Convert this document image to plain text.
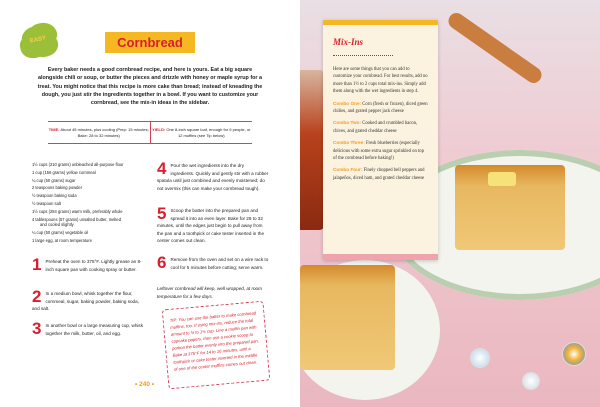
EASY	Cornbread
Every baker needs a good cornbread recipe, and here is yours. Eat a big square alongside chili or soup, or butter the pieces and drizzle with honey or maple syrup for a treat. You might notice that this recipe is more cake than bread; instead of kneading the dough, you just stir the ingredients together in a bowl. If you want to customize your cornbread, see the mix-in ideas in the sidebar.
TIME: About 45 minutes, plus cooling (Prep: 15 minutes; Bake: 28 to 32 minutes)
YIELD: One 8-inch square loaf, enough for 9 people, or 12 muffins (see Tip below)
1½ cups (210 grams) unbleached all-purpose flour
1 cup (156 grams) yellow cornmeal
¼ cup (50 grams) sugar
2 teaspoons baking powder
½ teaspoon baking soda
½ teaspoon salt
1½ cups (284 grams) warm milk, preferably whole
4 tablespoons (57 grams) unsalted butter, melted
and cooled slightly
¼ cup (50 grams) vegetable oil
1 large egg, at room temperature
1 Preheat the oven to 375°F. Lightly grease an 8-inch square pan with cooking spray or butter.
2 In a medium bowl, whisk together the flour, cornmeal, sugar, baking powder, baking soda, and salt.
3 In another bowl or a large measuring cup, whisk together the milk, butter, oil, and egg.
4 Pour the wet ingredients into the dry ingredients. Quickly and gently stir with a rubber spatula until just combined and evenly moistened; do not overmix (this can make your cornbread tough).
5 Scoop the batter into the prepared pan and spread it into an even layer. Bake for 28 to 32 minutes, until the edges just begin to pull away from the pan and a toothpick or cake tester inserted in the center comes out clean.
6 Remove from the oven and set on a wire rack to cool for 5 minutes before cutting; serve warm.
Leftover cornbread will keep, well wrapped, at room temperature for a few days.
TIP: You can use the batter to make cornbread muffins, too. If using mix-ins, reduce the total amount to ¾ to 1½ cup. Line a muffin pan with cupcake papers, then use a cookie scoop to portion the batter evenly into the prepared pan. Bake at 375°F for 14 to 16 minutes, until a toothpick or cake tester inserted in the middle of one of the center muffins comes out clean.
• 240 •
Mix-Ins

Here are some things that you can add to customize your cornbread. For best results, add no more than 1½ to 2 cups total mix-ins. Simply add them along with the wet ingredients in step 4.

Combo One: Corn (fresh or frozen), diced green chilies, and grated pepper jack cheese

Combo Two: Cooked and crumbled bacon, chives, and grated cheddar cheese

Combo Three: Fresh blueberries (especially delicious with some extra sugar sprinkled on top of the cornbread before baking!)

Combo Four: Finely chopped bell peppers and jalapeños, diced ham, and grated cheddar cheese
